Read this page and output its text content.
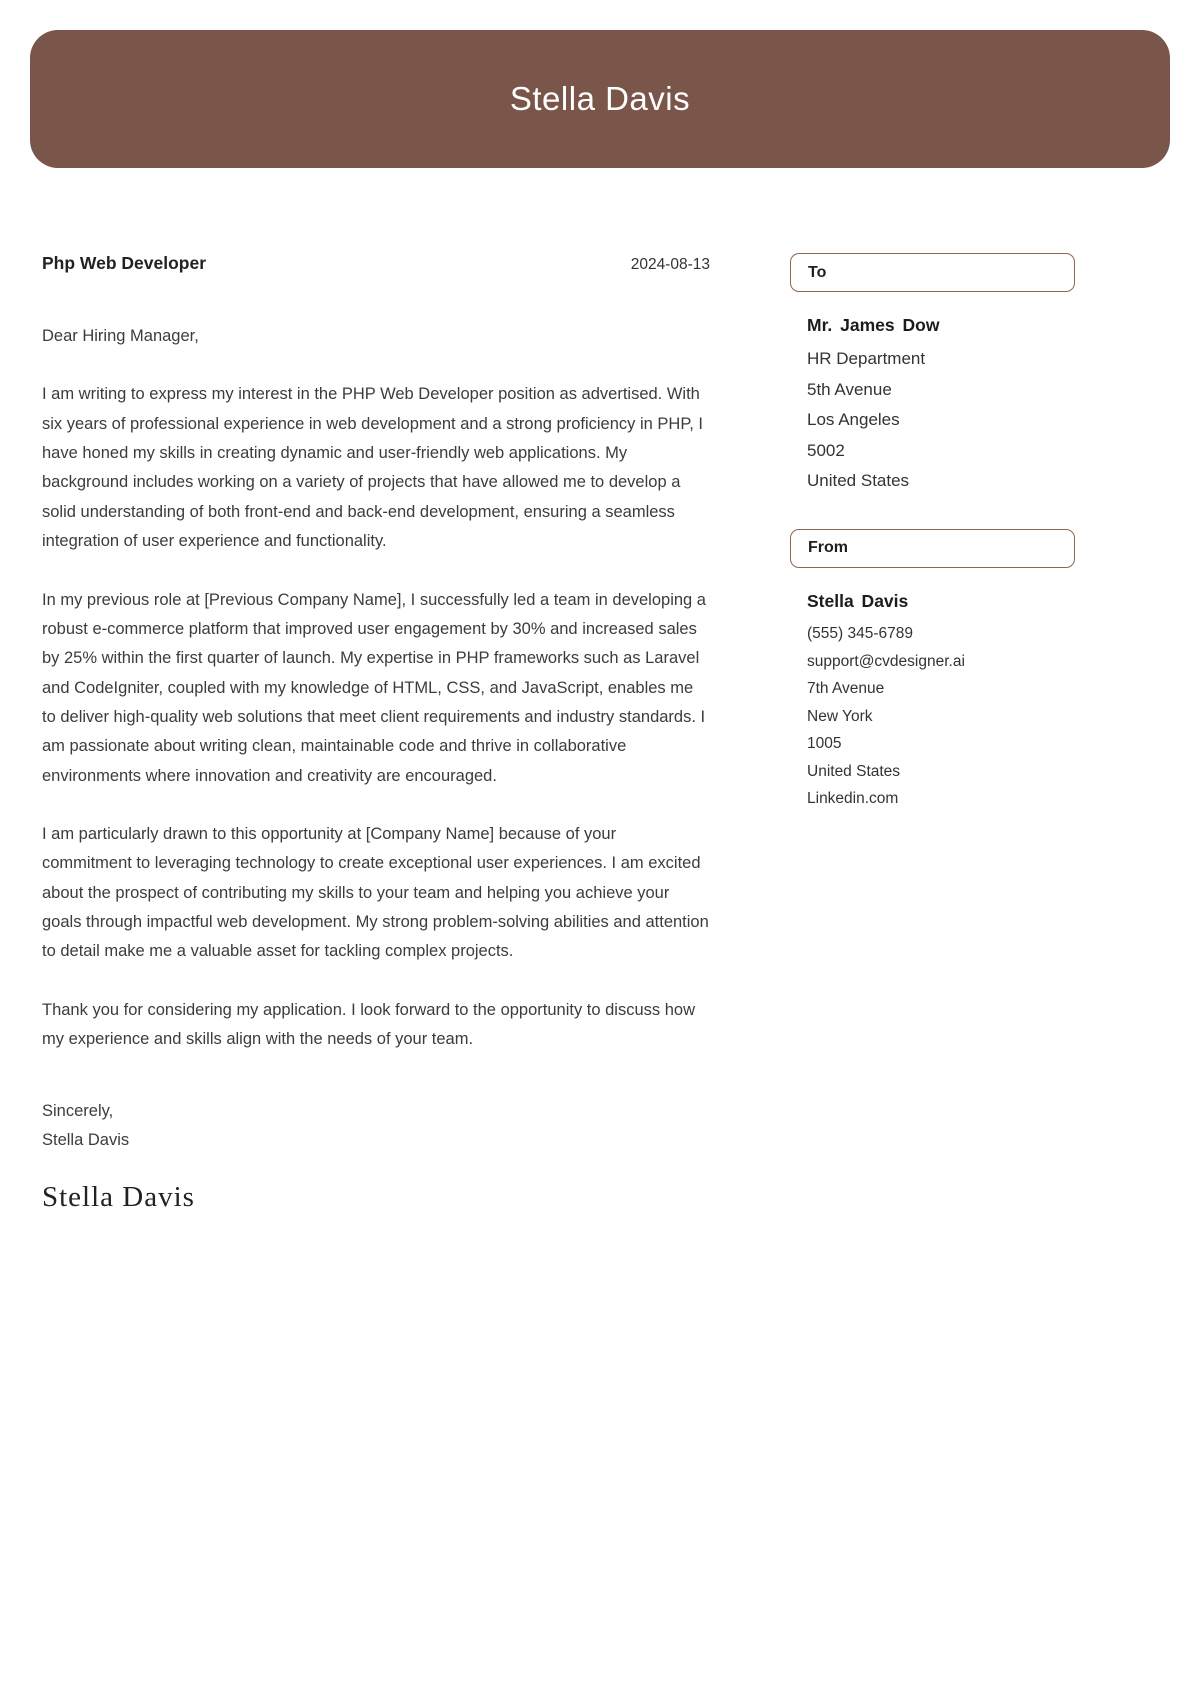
Stella Davis
Php Web Developer	2024-08-13
Dear Hiring Manager,

I am writing to express my interest in the PHP Web Developer position as advertised. With six years of professional experience in web development and a strong proficiency in PHP, I have honed my skills in creating dynamic and user-friendly web applications. My background includes working on a variety of projects that have allowed me to develop a solid understanding of both front-end and back-end development, ensuring a seamless integration of user experience and functionality.

In my previous role at [Previous Company Name], I successfully led a team in developing a robust e-commerce platform that improved user engagement by 30% and increased sales by 25% within the first quarter of launch. My expertise in PHP frameworks such as Laravel and CodeIgniter, coupled with my knowledge of HTML, CSS, and JavaScript, enables me to deliver high-quality web solutions that meet client requirements and industry standards. I am passionate about writing clean, maintainable code and thrive in collaborative environments where innovation and creativity are encouraged.

I am particularly drawn to this opportunity at [Company Name] because of your commitment to leveraging technology to create exceptional user experiences. I am excited about the prospect of contributing my skills to your team and helping you achieve your goals through impactful web development. My strong problem-solving abilities and attention to detail make me a valuable asset for tackling complex projects.

Thank you for considering my application. I look forward to the opportunity to discuss how my experience and skills align with the needs of your team.

Sincerely,
Stella Davis
Stella Davis
To
Mr. James Dow
HR Department
5th Avenue
Los Angeles
5002
United States
From
Stella Davis
(555) 345-6789
support@cvdesigner.ai
7th Avenue
New York
1005
United States
Linkedin.com
